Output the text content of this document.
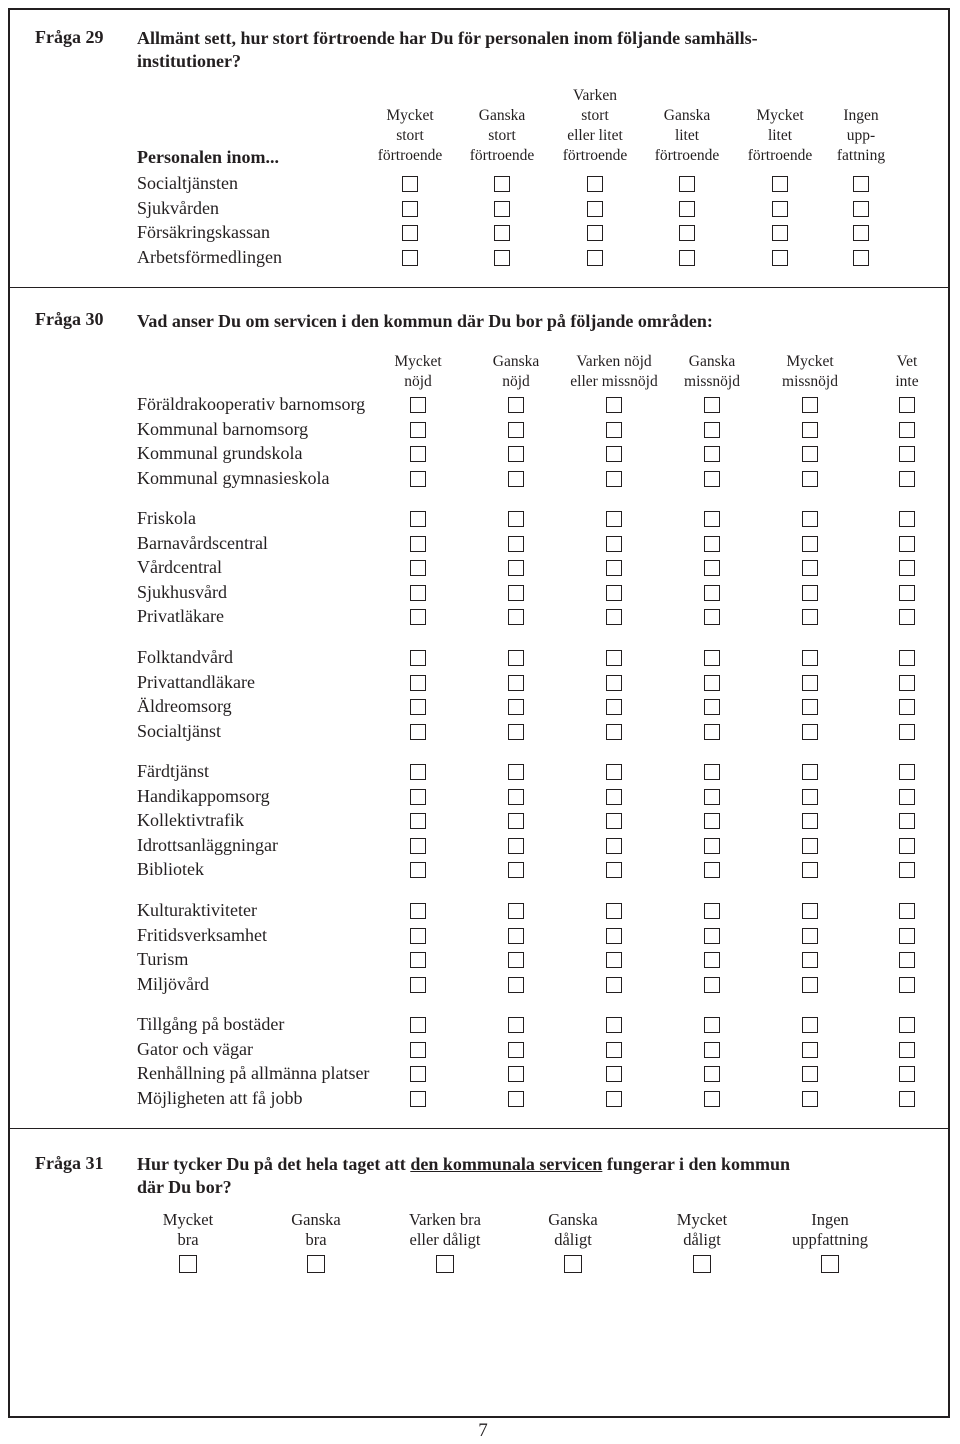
Fråga 29 Allmänt sett, hur stort förtroende har Du för personalen inom följande samhälls-
institutioner?
Personalen inom...
Mycket
stort
förtroende
Ganska
stort
förtroende
Varken
stort
eller litet
förtroende
Ganska
litet
förtroende
Mycket
litet
förtroende
Ingen
upp-
fattning
Socialtjänsten
Sjukvården
Försäkringskassan
Arbetsförmedlingen
Fråga 30 Vad anser Du om servicen i den kommun där Du bor på följande områden:
Mycket
nöjd
Ganska
nöjd
Varken nöjd
eller missnöjd
Ganska
missnöjd
Mycket
missnöjd
Vet
inte
Föräldrakooperativ barnomsorg
Kommunal barnomsorg
Kommunal grundskola
Kommunal gymnasieskola
Friskola
Barnavårdscentral
Vårdcentral
Sjukhusvård
Privatläkare
Folktandvård
Privattandläkare
Äldreomsorg
Socialtjänst
Färdtjänst
Handikappomsorg
Kollektivtrafik
Idrottsanläggningar
Bibliotek
Kulturaktiviteter
Fritidsverksamhet
Turism
Miljövård
Tillgång på bostäder
Gator och vägar
Renhållning på allmänna platser
Möjligheten att få jobb
Fråga 31 Hur tycker Du på det hela taget att den kommunala servicen fungerar i den kommun
där Du bor?
Mycket
bra
Ganska
bra
Varken bra
eller dåligt
Ganska
dåligt
Mycket
dåligt
Ingen
uppfattning
7
